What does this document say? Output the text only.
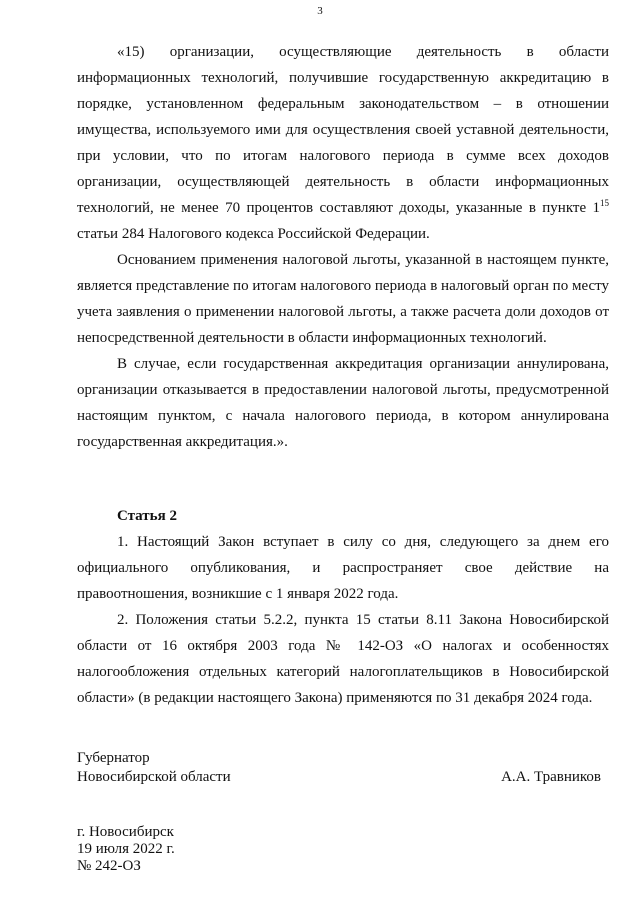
3

«15) организации, осуществляющие деятельность в области информационных технологий, получившие государственную аккредитацию в порядке, установленном федеральным законодательством – в отношении имущества, используемого ими для осуществления своей уставной деятельности, при условии, что по итогам налогового периода в сумме всех доходов организации, осуществляющей деятельность в области информационных технологий, не менее 70 процентов составляют доходы, указанные в пункте $1^{15}$ статьи 284 Налогового кодекса Российской Федерации.

Основанием применения налоговой льготы, указанной в настоящем пункте, является представление по итогам налогового периода в налоговый орган по месту учета заявления о применении налоговой льготы, а также расчета доли доходов от непосредственной деятельности в области информационных технологий.

В случае, если государственная аккредитация организации аннулирована, организации отказывается в предоставлении налоговой льготы, предусмотренной настоящим пунктом, с начала налогового периода, в котором аннулирована государственная аккредитация.».

Статья 2

1. Настоящий Закон вступает в силу со дня, следующего за днем его официального опубликования, и распространяет свое действие на правоотношения, возникшие с 1 января 2022 года.

2. Положения статьи 5.2.2, пункта 15 статьи 8.11 Закона Новосибирской области от 16 октября 2003 года № 142-ОЗ «О налогах и особенностях налогообложения отдельных категорий налогоплательщиков в Новосибирской области» (в редакции настоящего Закона) применяются по 31 декабря 2024 года.

Губернатор
Новосибирской области	А.А. Травников
г. Новосибирск
19 июля 2022 г.
№ 242-ОЗ
